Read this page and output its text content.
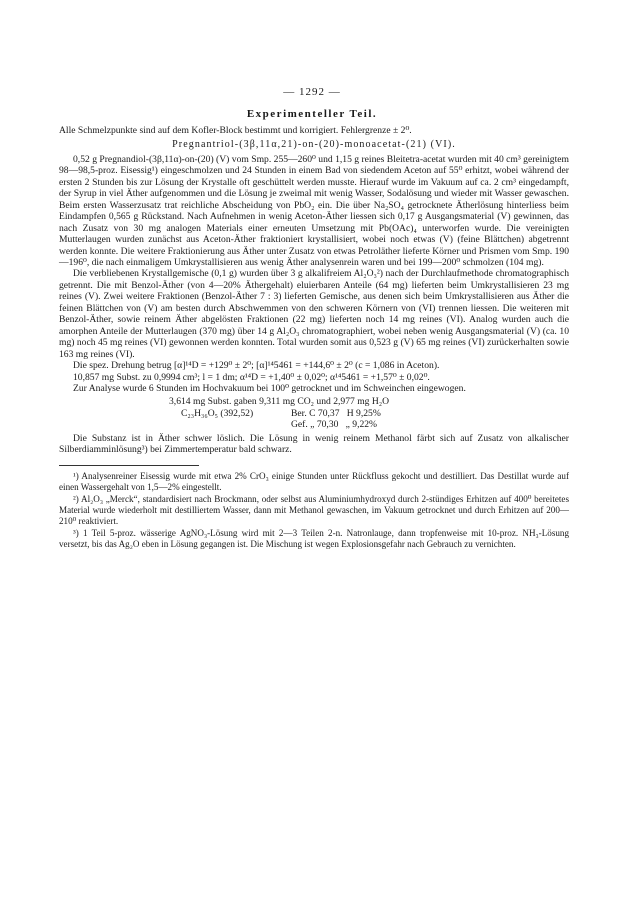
— 1292 —
Experimenteller Teil.

Alle Schmelzpunkte sind auf dem Kofler-Block bestimmt und korrigiert. Fehlergrenze ± 2⁰.

Pregnantriol-(3β,11α,21)-on-(20)-monoacetat-(21) (VI).

0,52 g Pregnandiol-(3β,11α)-on-(20) (V) vom Smp. 255—260⁰ und 1,15 g reines Bleitetra-acetat wurden mit 40 cm³ gereinigtem 98—98,5-proz. Eisessig¹) eingeschmolzen und 24 Stunden in einem Bad von siedendem Aceton auf 55⁰ erhitzt, wobei während der ersten 2 Stunden bis zur Lösung der Krystalle oft geschüttelt werden musste. Hierauf wurde im Vakuum auf ca. 2 cm³ eingedampft, der Syrup in viel Äther aufgenommen und die Lösung je zweimal mit wenig Wasser, Sodalösung und wieder mit Wasser gewaschen. Beim ersten Wasserzusatz trat reichliche Abscheidung von PbO₂ ein. Die über Na₂SO₄ getrocknete Ätherlösung hinterliess beim Eindampfen 0,565 g Rückstand. Nach Aufnehmen in wenig Aceton-Äther liessen sich 0,17 g Ausgangsmaterial (V) gewinnen, das nach Zusatz von 30 mg analogen Materials einer erneuten Umsetzung mit Pb(OAc)₄ unterworfen wurde. Die vereinigten Mutterlaugen wurden zunächst aus Aceton-Äther fraktioniert krystallisiert, wobei noch etwas (V) (feine Blättchen) abgetrennt werden konnte. Die weitere Fraktionierung aus Äther unter Zusatz von etwas Petroläther lieferte Körner und Prismen vom Smp. 190—196⁰, die nach einmaligem Umkrystallisieren aus wenig Äther analysenrein waren und bei 199—200⁰ schmolzen (104 mg).

Die verbliebenen Krystallgemische (0,1 g) wurden über 3 g alkalifreiem Al₂O₃²) nach der Durchlaufmethode chromatographisch getrennt. Die mit Benzol-Äther (von 4—20% Äthergehalt) eluierbaren Anteile (64 mg) lieferten beim Umkrystallisieren 23 mg reines (V). Zwei weitere Fraktionen (Benzol-Äther 7 : 3) lieferten Gemische, aus denen sich beim Umkrystallisieren aus Äther die feinen Blättchen von (V) am besten durch Abschwemmen von den schweren Körnern von (VI) trennen liessen. Die weiteren mit Benzol-Äther, sowie reinem Äther abgelösten Fraktionen (22 mg) lieferten noch 14 mg reines (VI). Analog wurden auch die amorphen Anteile der Mutterlaugen (370 mg) über 14 g Al₂O₃ chromatographiert, wobei neben wenig Ausgangsmaterial (V) (ca. 10 mg) noch 45 mg reines (VI) gewonnen werden konnten. Total wurden somit aus 0,523 g (V) 65 mg reines (VI) zurückerhalten sowie 163 mg reines (VI).

Die spez. Drehung betrug [α]¹⁴D = +129⁰ ± 2⁰; [α]¹⁴5461 = +144,6⁰ ± 2⁰ (c = 1,086 in Aceton).

10,857 mg Subst. zu 0,9994 cm³; l = 1 dm; α¹⁴D = +1,40⁰ ± 0,02⁰; α¹⁴5461 = +1,57⁰ ± 0,02⁰.

Zur Analyse wurde 6 Stunden im Hochvakuum bei 100⁰ getrocknet und im Schweinchen eingewogen.

3,614 mg Subst. gaben 9,311 mg CO₂ und 2,977 mg H₂O
C₂₃H₃₆O₅ (392,52)	Ber. C 70,37   H 9,25%
Gef. „ 70,30   „ 9,22%

Die Substanz ist in Äther schwer löslich. Die Lösung in wenig reinem Methanol färbt sich auf Zusatz von alkalischer Silberdiamminlösung³) bei Zimmertemperatur bald schwarz.

¹) Analysenreiner Eisessig wurde mit etwa 2% CrO₃ einige Stunden unter Rückfluss gekocht und destilliert. Das Destillat wurde auf einen Wassergehalt von 1,5—2% eingestellt.

²) Al₂O₃ „Merck“, standardisiert nach Brockmann, oder selbst aus Aluminiumhydroxyd durch 2-stündiges Erhitzen auf 400⁰ bereitetes Material wurde wiederholt mit destilliertem Wasser, dann mit Methanol gewaschen, im Vakuum getrocknet und durch Erhitzen auf 200—210⁰ reaktiviert.

³) 1 Teil 5-proz. wässerige AgNO₃-Lösung wird mit 2—3 Teilen 2-n. Natronlauge, dann tropfenweise mit 10-proz. NH₃-Lösung versetzt, bis das Ag₂O eben in Lösung gegangen ist. Die Mischung ist wegen Explosionsgefahr nach Gebrauch zu vernichten.
